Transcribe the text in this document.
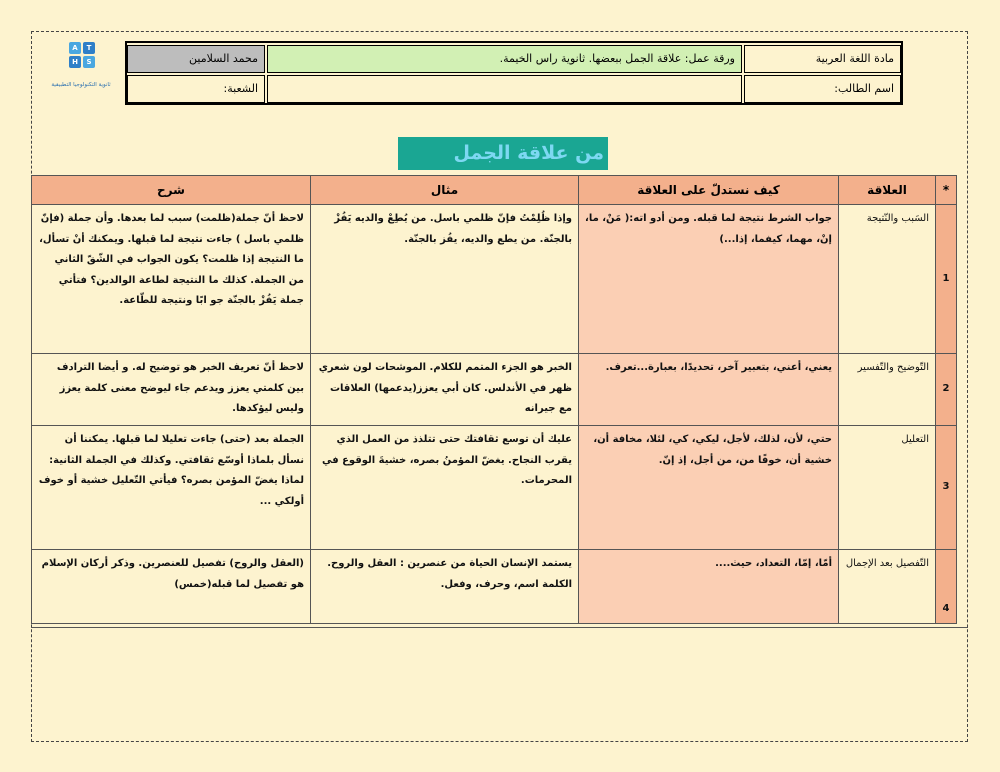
A	T
H	S
ثانوية التكنولوجيا التطبيقية
مادة اللغة العربية
ورقة عمل: علاقة الجمل ببعضها. ثانوية راس الخيمة.
محمد السلامين
اسم الطالب:
الشعبة:
من علاقة الجمل
*	العلاقة	كيف نستدلّ على العلاقة	مثال	شرح
1	السَبب والنّتيجة	جواب الشرط نتيجة لما قبله. ومن أدو اته:( مَنْ، ما، إنْ، مهما، كيفما، إذا...)	وإذا ظُلِمْتُ فإنّ ظلمي باسل. من يُطِعْ والديه يَفُزْ بالجنّة. من يطع والديه، يفُز بالجنّة.	لاحظ أنّ جملة(ظلمت) سبب لما بعدها. وأن جملة (فإنّ ظلمي باسل ) جاءت نتيجة لما قبلها. ويمكنك أنْ تسأل، ما النتيجة إذا ظلمت؟ يكون الجواب في الشّقّ الثاني من الجملة. كذلك ما النتيجة لطاعة الوالدين؟ فتأتي جملة يَفُزْ بالجنّة جو ابًا ونتيجة للطّاعة.
2	التّوضيح والتّفسير	يعني، أعني، بتعبير آخر، تحديدًا، بعبارة...تعرف.	الخبر هو الجزء المتمم للكلام. الموشحات لون شعري ظهر في الأندلس. كان أبي يعزز(يدعمها) العلاقات مع جيرانه	لاحظ أنّ تعريف الخبر هو توضيح له. و أيضا الترادف بين كلمتي يعزز ويدعم جاء ليوضح معنى كلمة يعزز وليس ليؤكدها.
3	التعليل	حتي، لأن، لذلك، لأجل، ليكي، كي، لئلا، مخافة أن، خشية أن، خوفًا من، من أجل، إذ إنّ.	عليك أن توسع ثقافتك حتى تتلذذ من العمل الذي يقرب النجاح. يغضّ المؤمنُ بصره، خشيةَ الوقوع في المحرمات.	الجملة بعد (حتى) جاءت تعليلا لما قبلها. يمكننا أن نسأل بلماذا أوسّع ثقافتي. وكذلك في الجملة الثانية: لماذا يغضّ المؤمن بصره؟ فيأتي التّعليل خشية أو خوف أولكي ...
4	التّفصيل بعد الإجمال	أمّا، إمّا، التعداد، حيث....	يستمد الإنسان الحياة من عنصرين : العقل والروح. الكلمة اسم، وحرف، وفعل.	(العقل والروح) تفصيل للعنصرين. وذكر أركان الإسلام هو تفصيل لما قبله(خمس)
